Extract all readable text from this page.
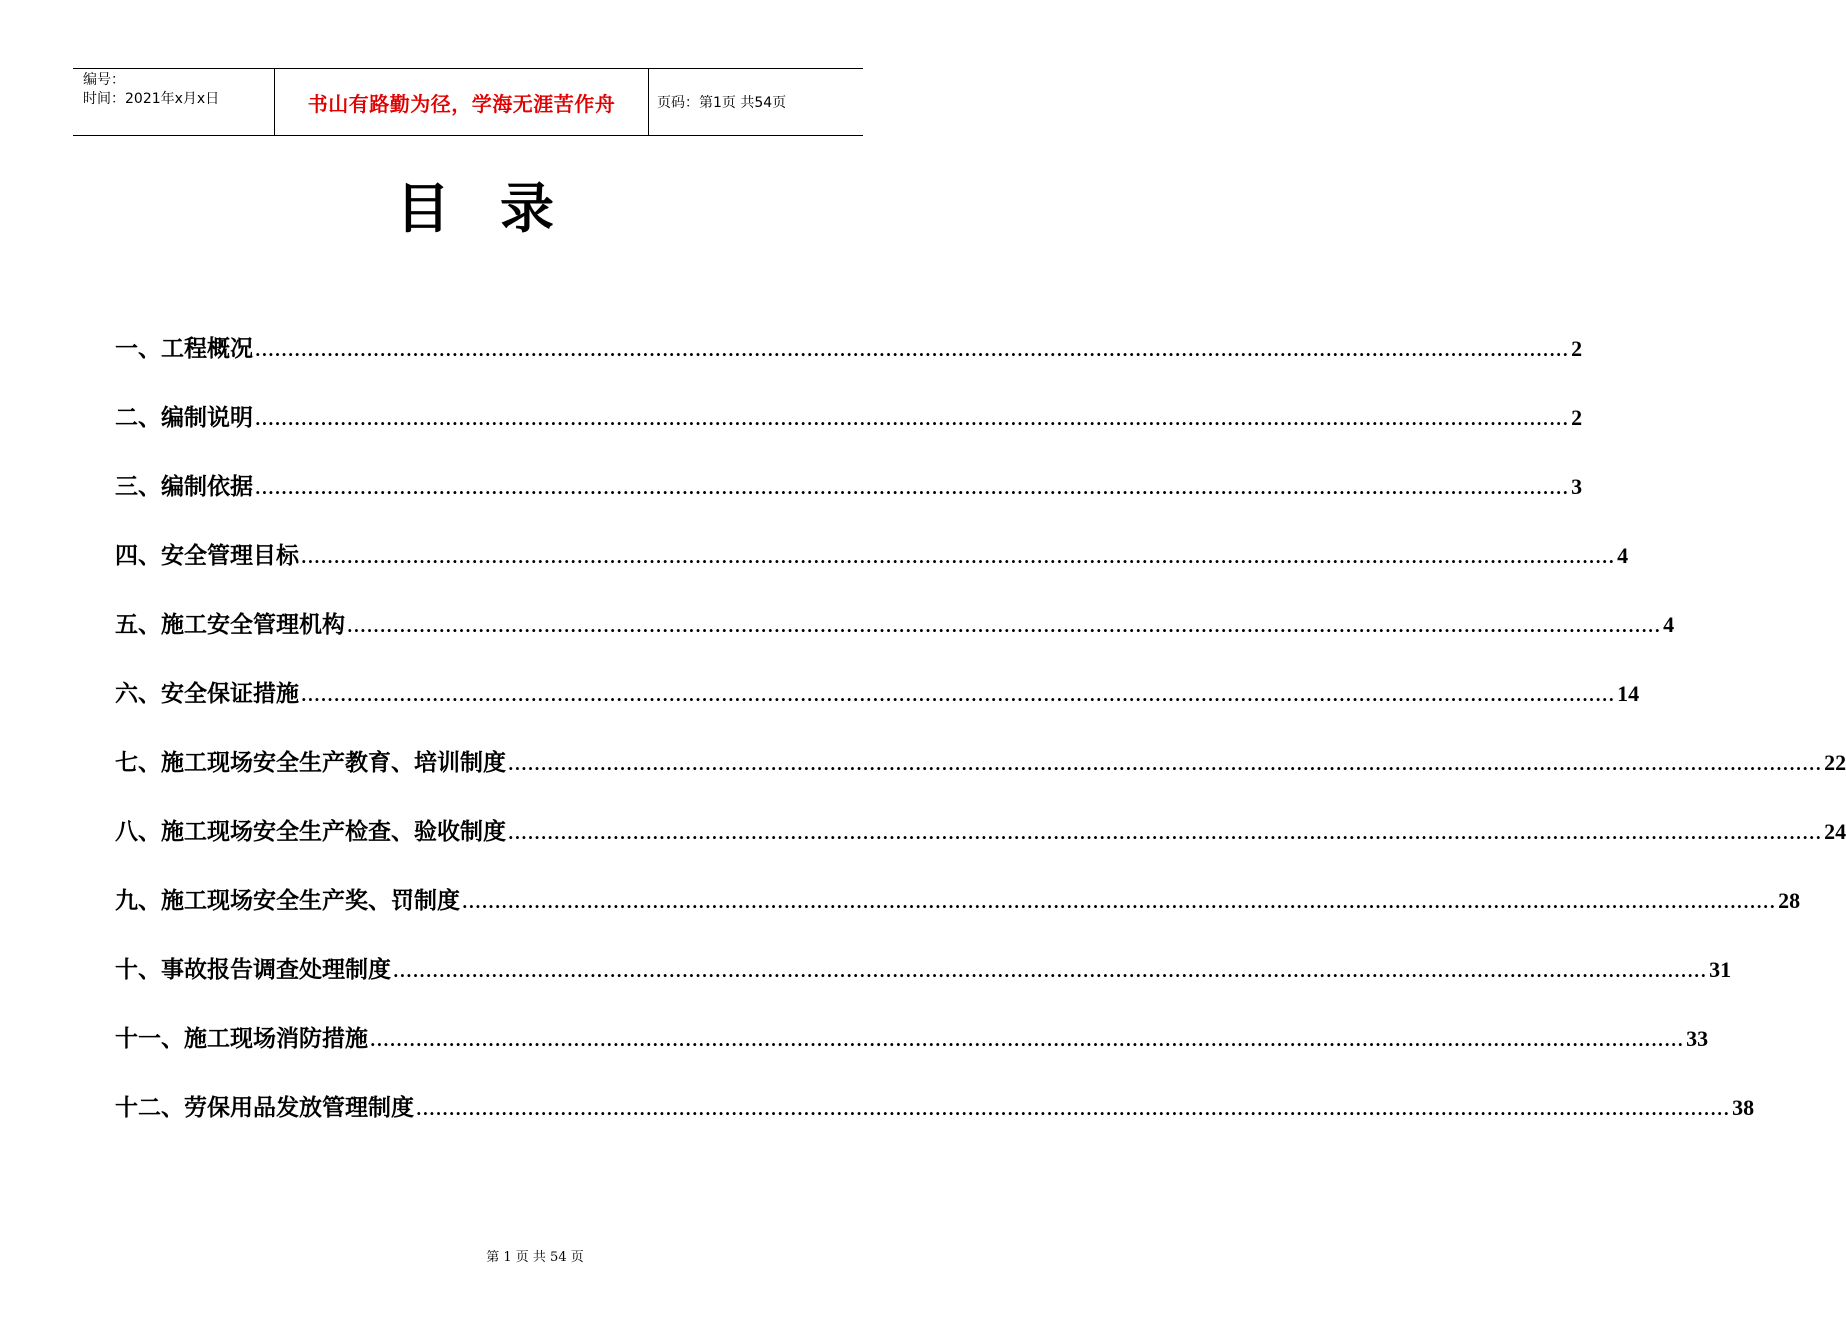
编号：
时间：2021年x月x日	书山有路勤为径，学海无涯苦作舟	页码：第1页 共54页
目录
一、工程概况 ........................................................................................................................................................................................................ 2
二、编制说明 ........................................................................................................................................................................................................ 2
三、编制依据 ........................................................................................................................................................................................................ 3
四、安全管理目标 ........................................................................................................................................................................................................ 4
五、施工安全管理机构 ........................................................................................................................................................................................................ 4
六、安全保证措施 ........................................................................................................................................................................................................ 14
七、施工现场安全生产教育、培训制度 ........................................................................................................................................................................................................ 22
八、施工现场安全生产检查、验收制度 ........................................................................................................................................................................................................ 24
九、施工现场安全生产奖、罚制度 ........................................................................................................................................................................................................ 28
十、事故报告调查处理制度 ........................................................................................................................................................................................................ 31
十一、施工现场消防措施 ........................................................................................................................................................................................................ 33
十二、劳保用品发放管理制度 ........................................................................................................................................................................................................ 38
第 1 页 共 54 页
